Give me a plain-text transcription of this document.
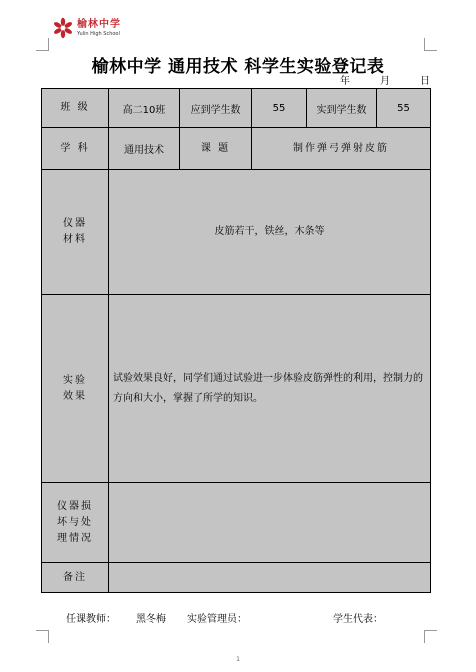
榆林中学
Yulin High School
榆林中学 通用技术 科学生实验登记表
年	月	日
班 级	高二10班	应到学生数	55	实到学生数	55
学 科	通用技术	课 题	制作弹弓弹射皮筋		

仪器
材料	皮筋若干，铁丝，木条等				

实验
效果	试验效果良好，同学们通过试验进一步体验皮筋弹性的利用，控制力的方向和大小，掌握了所学的知识。				

仪器损
坏与处
理情况					

备注					
任课教师： 黑冬梅 实验管理员：	学生代表：
1
